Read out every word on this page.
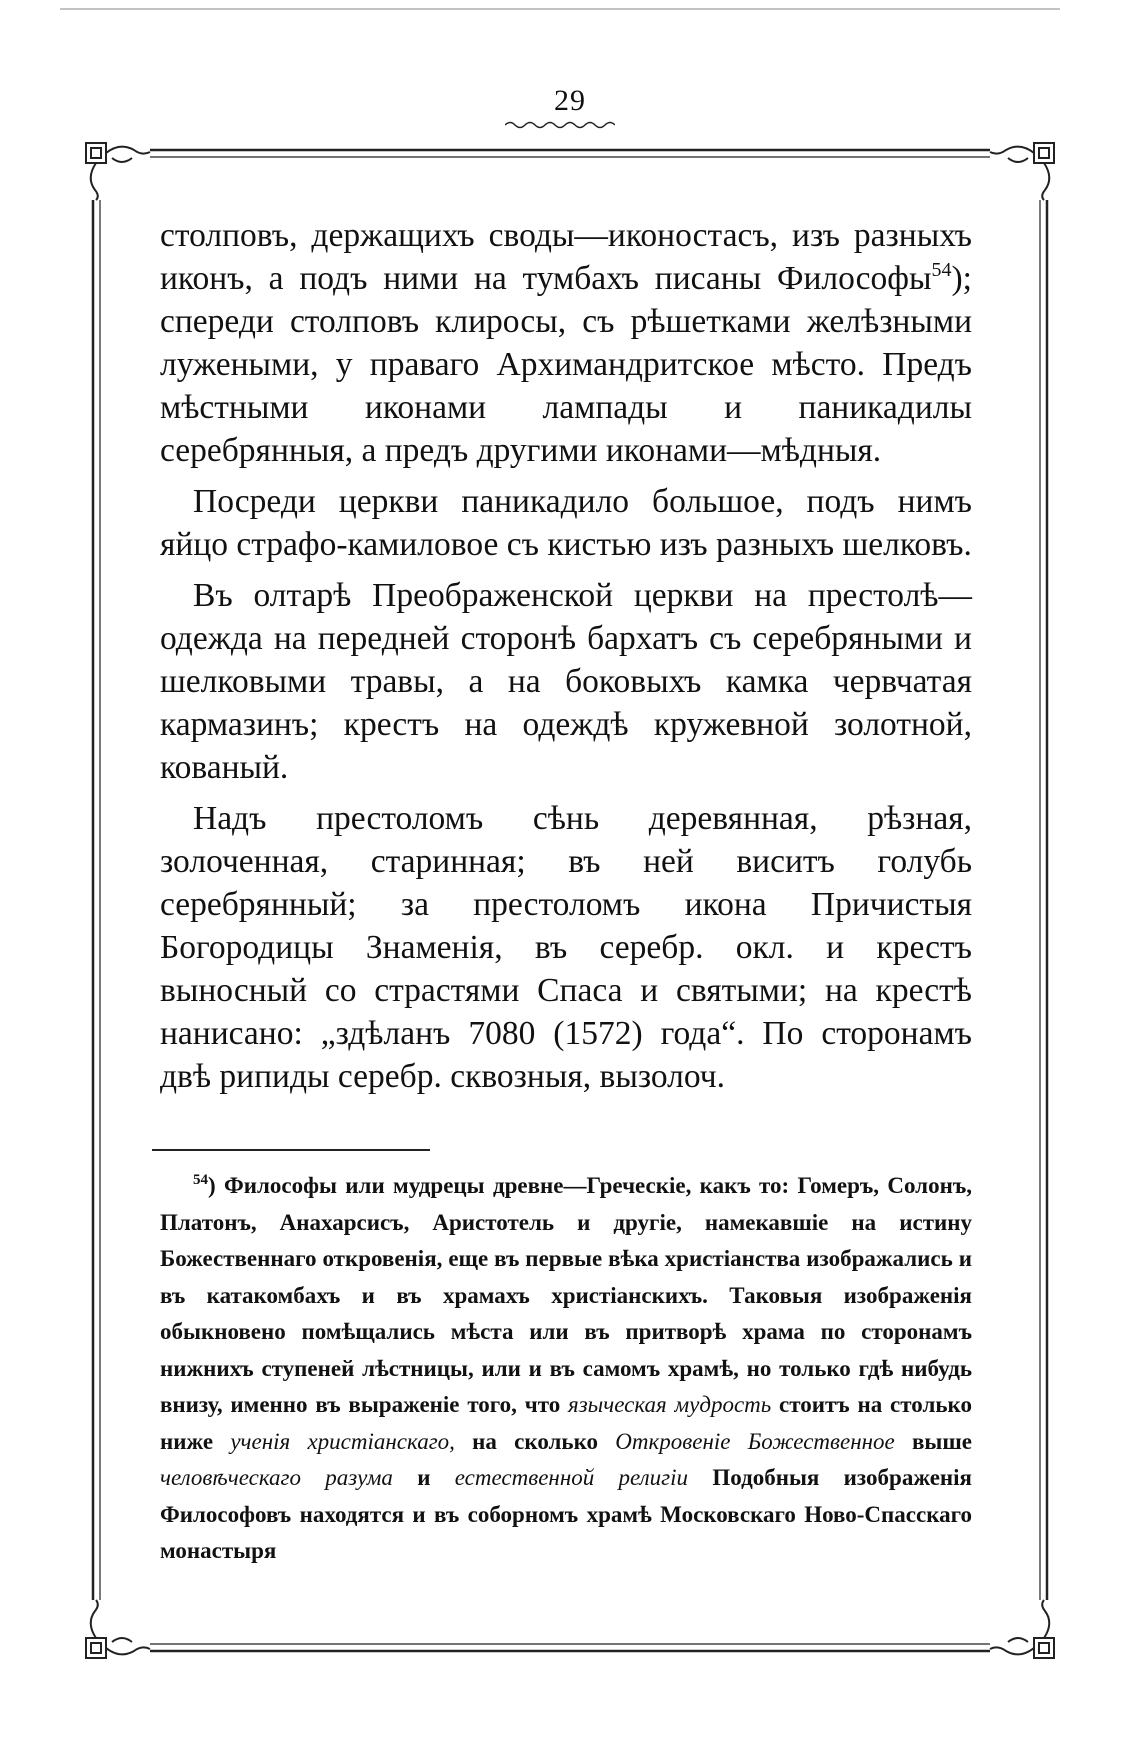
29

столповъ, держащихъ своды—иконостасъ, изъ разныхъ иконъ, а подъ ними на тумбахъ писаны Философы$^{54}$); спереди столповъ клиросы, съ рѣшетками желѣзными лужеными, у праваго Архимандритское мѣсто. Предъ мѣстными иконами лампады и паникадилы серебрянныя, а предъ другими иконами—мѣдныя.

Посреди церкви паникадило большое, подъ нимъ яйцо страфо-камиловое съ кистью изъ разныхъ шелковъ.

Въ олтарѣ Преображенской церкви на престолѣ—одежда на передней сторонѣ бархатъ съ серебряными и шелковыми травы, а на боковыхъ камка червчатая кармазинъ; крестъ на одеждѣ кружевной золотной, кованый.

Надъ престоломъ сѣнь деревянная, рѣзная, золоченная, старинная; въ ней виситъ голубь серебрянный; за престоломъ икона Причистыя Богородицы Знаменія, въ серебр. окл. и крестъ выносный со страстями Спаса и святыми; на крестѣ нанисано: „здѣланъ 7080 (1572) года“. По сторонамъ двѣ рипиды серебр. сквозныя, вызолоч.

$^{54}$) Философы или мудрецы древне—Греческіе, какъ то: Гомеръ, Солонъ, Платонъ, Анахарсисъ, Аристотель и другіе, намекавшіе на истину Божественнаго откровенія, еще въ первые вѣка христіанства изображались и въ катакомбахъ и въ храмахъ христіанскихъ. Таковыя изображенія обыкновено помѣщались мѣста или въ притворѣ храма по сторонамъ нижнихъ ступеней лѣстницы, или и въ самомъ храмѣ, но только гдѣ нибудь внизу, именно въ выраженіе того, что языческая мудрость стоитъ на столько ниже ученія христіанскаго, на сколько Откровеніе Божественное выше человѣческаго разума и естественной религіи Подобныя изображенія Философовъ находятся и въ соборномъ храмѣ Московскаго Ново-Спасскаго монастыря
